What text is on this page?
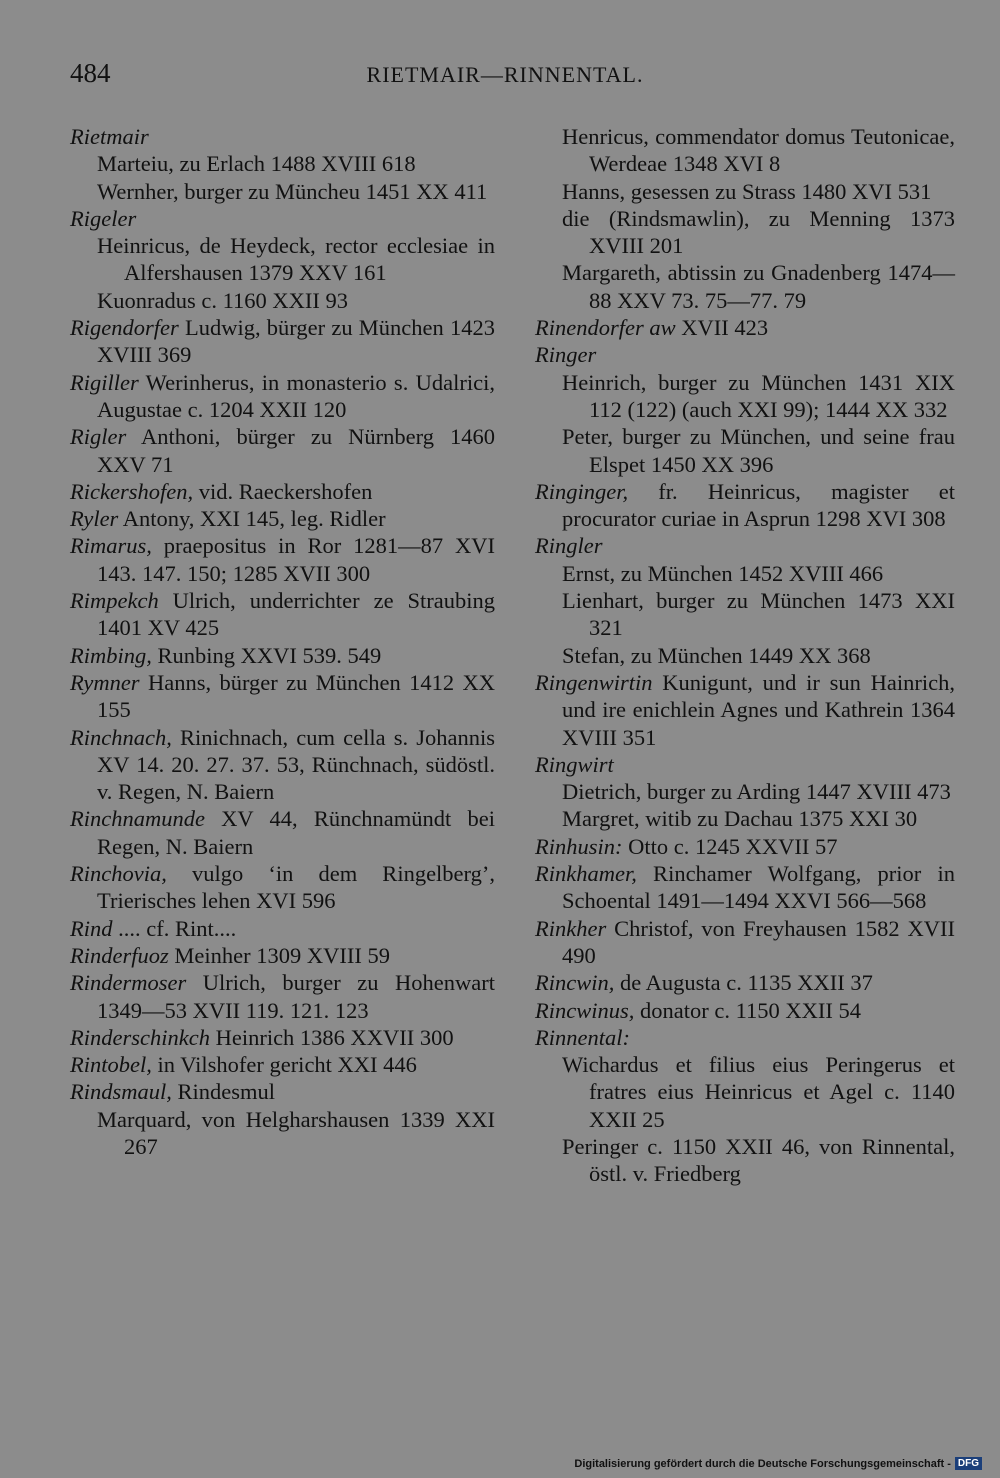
484	RIETMAIR—RINNENTAL.

Rietmair

Marteiu, zu Erlach 1488 XVIII 618

Wernher, burger zu Müncheu 1451 XX 411

Rigeler

Heinricus, de Heydeck, rector ecclesiae in Alfershausen 1379 XXV 161

Kuonradus c. 1160 XXII 93

Rigendorfer Ludwig, bürger zu München 1423 XVIII 369

Rigiller Werinherus, in monasterio s. Udalrici, Augustae c. 1204 XXII 120

Rigler Anthoni, bürger zu Nürnberg 1460 XXV 71

Rickershofen, vid. Raeckershofen

Ryler Antony, XXI 145, leg. Ridler

Rimarus, praepositus in Ror 1281—87 XVI 143. 147. 150; 1285 XVII 300

Rimpekch Ulrich, underrichter ze Straubing 1401 XV 425

Rimbing, Runbing XXVI 539. 549

Rymner Hanns, bürger zu München 1412 XX 155

Rinchnach, Rinichnach, cum cella s. Johannis XV 14. 20. 27. 37. 53, Rünchnach, südöstl. v. Regen, N. Baiern

Rinchnamunde XV 44, Rünchnamündt bei Regen, N. Baiern

Rinchovia, vulgo ‘in dem Ringelberg’, Trierisches lehen XVI 596

Rind .... cf. Rint....

Rinderfuoz Meinher 1309 XVIII 59

Rindermoser Ulrich, burger zu Hohenwart 1349—53 XVII 119. 121. 123

Rinderschinkch Heinrich 1386 XXVII 300

Rintobel, in Vilshofer gericht XXI 446

Rindsmaul, Rindesmul

Marquard, von Helgharshausen 1339 XXI 267

Henricus, commendator domus Teutonicae, Werdeae 1348 XVI 8

Hanns, gesessen zu Strass 1480 XVI 531

die (Rindsmawlin), zu Menning 1373 XVIII 201

Margareth, abtissin zu Gnadenberg 1474—88 XXV 73. 75—77. 79

Rinendorfer aw XVII 423

Ringer

Heinrich, burger zu München 1431 XIX 112 (122) (auch XXI 99); 1444 XX 332

Peter, burger zu München, und seine frau Elspet 1450 XX 396

Ringinger, fr. Heinricus, magister et procurator curiae in Asprun 1298 XVI 308

Ringler

Ernst, zu München 1452 XVIII 466

Lienhart, burger zu München 1473 XXI 321

Stefan, zu München 1449 XX 368

Ringenwirtin Kunigunt, und ir sun Hainrich, und ire enichlein Agnes und Kathrein 1364 XVIII 351

Ringwirt

Dietrich, burger zu Arding 1447 XVIII 473

Margret, witib zu Dachau 1375 XXI 30

Rinhusin: Otto c. 1245 XXVII 57

Rinkhamer, Rinchamer Wolfgang, prior in Schoental 1491—1494 XXVI 566—568

Rinkher Christof, von Freyhausen 1582 XVII 490

Rincwin, de Augusta c. 1135 XXII 37

Rincwinus, donator c. 1150 XXII 54

Rinnental:

Wichardus et filius eius Peringerus et fratres eius Heinricus et Agel c. 1140 XXII 25

Peringer c. 1150 XXII 46, von Rinnental, östl. v. Friedberg

Digitalisierung gefördert durch die Deutsche Forschungsgemeinschaft - DFG
